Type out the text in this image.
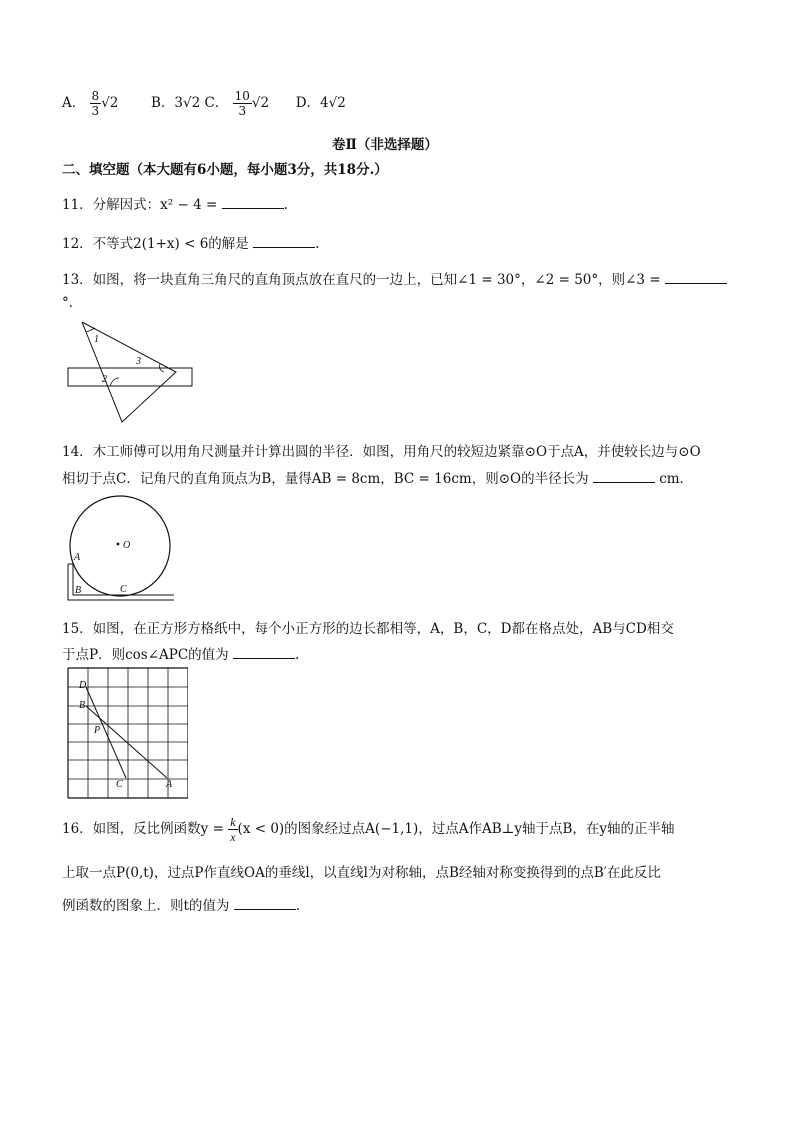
A． $\frac{8}{3} √2$ B．3√2 C． $\frac{10}{3} √2$ D．4√2
卷Ⅱ（非选择题）
二、填空题（本大题有6小题，每小题3分，共18分.）
11．分解因式：x² − 4 =	.
12．不等式2(1+x) < 6的解是	.
13．如图，将一块直角三角尺的直角顶点放在直尺的一边上，已知∠1 = 30°，∠2 = 50°，则∠3 =
°．
1
3
2
14．木工师傅可以用角尺测量并计算出圆的半径．如图，用角尺的较短边紧靠⊙O于点A，并使较长边与⊙O
相切于点C．记角尺的直角顶点为B，量得AB = 8cm，BC = 16cm，则⊙O的半径长为	cm．
O
A
B	C
15．如图，在正方形方格纸中，每个小正方形的边长都相等，A，B，C，D都在格点处，AB与CD相交
于点P．则cos∠APC的值为	.
D
B
P
C	A
16．如图，反比例函数$y = \frac{k}{x} (x < 0)$的图象经过点A(−1,1)，过点A作AB⊥y轴于点B，在y轴的正半轴
上取一点P(0,t)，过点P作直线OA的垂线l，以直线l为对称轴，点B经轴对称变换得到的点B′在此反比
例函数的图象上．则t的值为	.
